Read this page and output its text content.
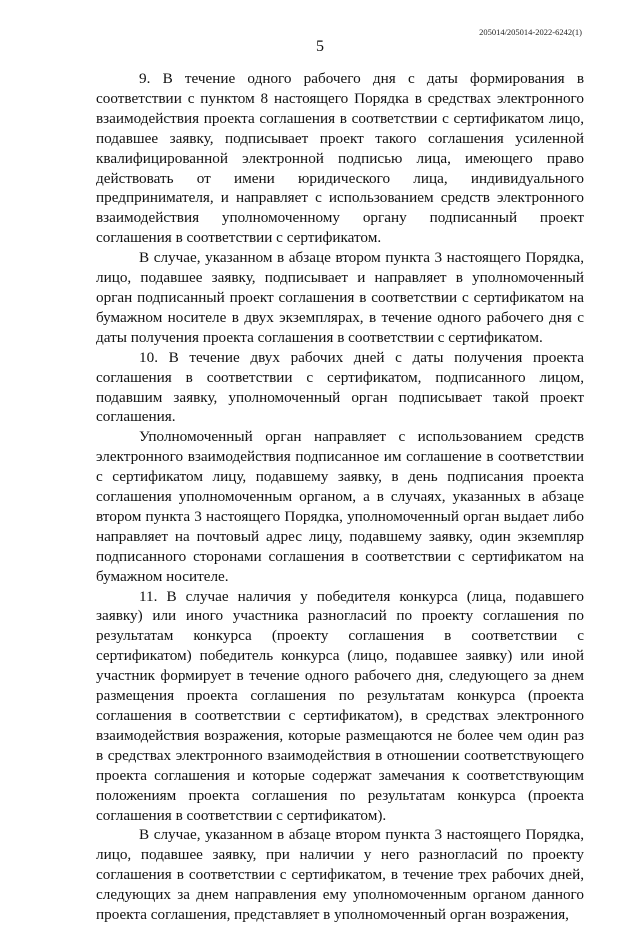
205014/205014-2022-6242(1)
5

9. В течение одного рабочего дня с даты формирования в соответствии с пунктом 8 настоящего Порядка в средствах электронного взаимодействия проекта соглашения в соответствии с сертификатом лицо, подавшее заявку, подписывает проект такого соглашения усиленной квалифицированной электронной подписью лица, имеющего право действовать от имени юридического лица, индивидуального предпринимателя, и направляет с использованием средств электронного взаимодействия уполномоченному органу подписанный проект соглашения в соответствии с сертификатом.

В случае, указанном в абзаце втором пункта 3 настоящего Порядка, лицо, подавшее заявку, подписывает и направляет в уполномоченный орган подписанный проект соглашения в соответствии с сертификатом на бумажном носителе в двух экземплярах, в течение одного рабочего дня с даты получения проекта соглашения в соответствии с сертификатом.

10. В течение двух рабочих дней с даты получения проекта соглашения в соответствии с сертификатом, подписанного лицом, подавшим заявку, уполномоченный орган подписывает такой проект соглашения.

Уполномоченный орган направляет с использованием средств электронного взаимодействия подписанное им соглашение в соответствии с сертификатом лицу, подавшему заявку, в день подписания проекта соглашения уполномоченным органом, а в случаях, указанных в абзаце втором пункта 3 настоящего Порядка, уполномоченный орган выдает либо направляет на почтовый адрес лицу, подавшему заявку, один экземпляр подписанного сторонами соглашения в соответствии с сертификатом на бумажном носителе.

11. В случае наличия у победителя конкурса (лица, подавшего заявку) или иного участника разногласий по проекту соглашения по результатам конкурса (проекту соглашения в соответствии с сертификатом) победитель конкурса (лицо, подавшее заявку) или иной участник формирует в течение одного рабочего дня, следующего за днем размещения проекта соглашения по результатам конкурса (проекта соглашения в соответствии с сертификатом), в средствах электронного взаимодействия возражения, которые размещаются не более чем один раз в средствах электронного взаимодействия в отношении соответствующего проекта соглашения и которые содержат замечания к соответствующим положениям проекта соглашения по результатам конкурса (проекта соглашения в соответствии с сертификатом).

В случае, указанном в абзаце втором пункта 3 настоящего Порядка, лицо, подавшее заявку, при наличии у него разногласий по проекту соглашения в соответствии с сертификатом, в течение трех рабочих дней, следующих за днем направления ему уполномоченным органом данного проекта соглашения, представляет в уполномоченный орган возражения,
